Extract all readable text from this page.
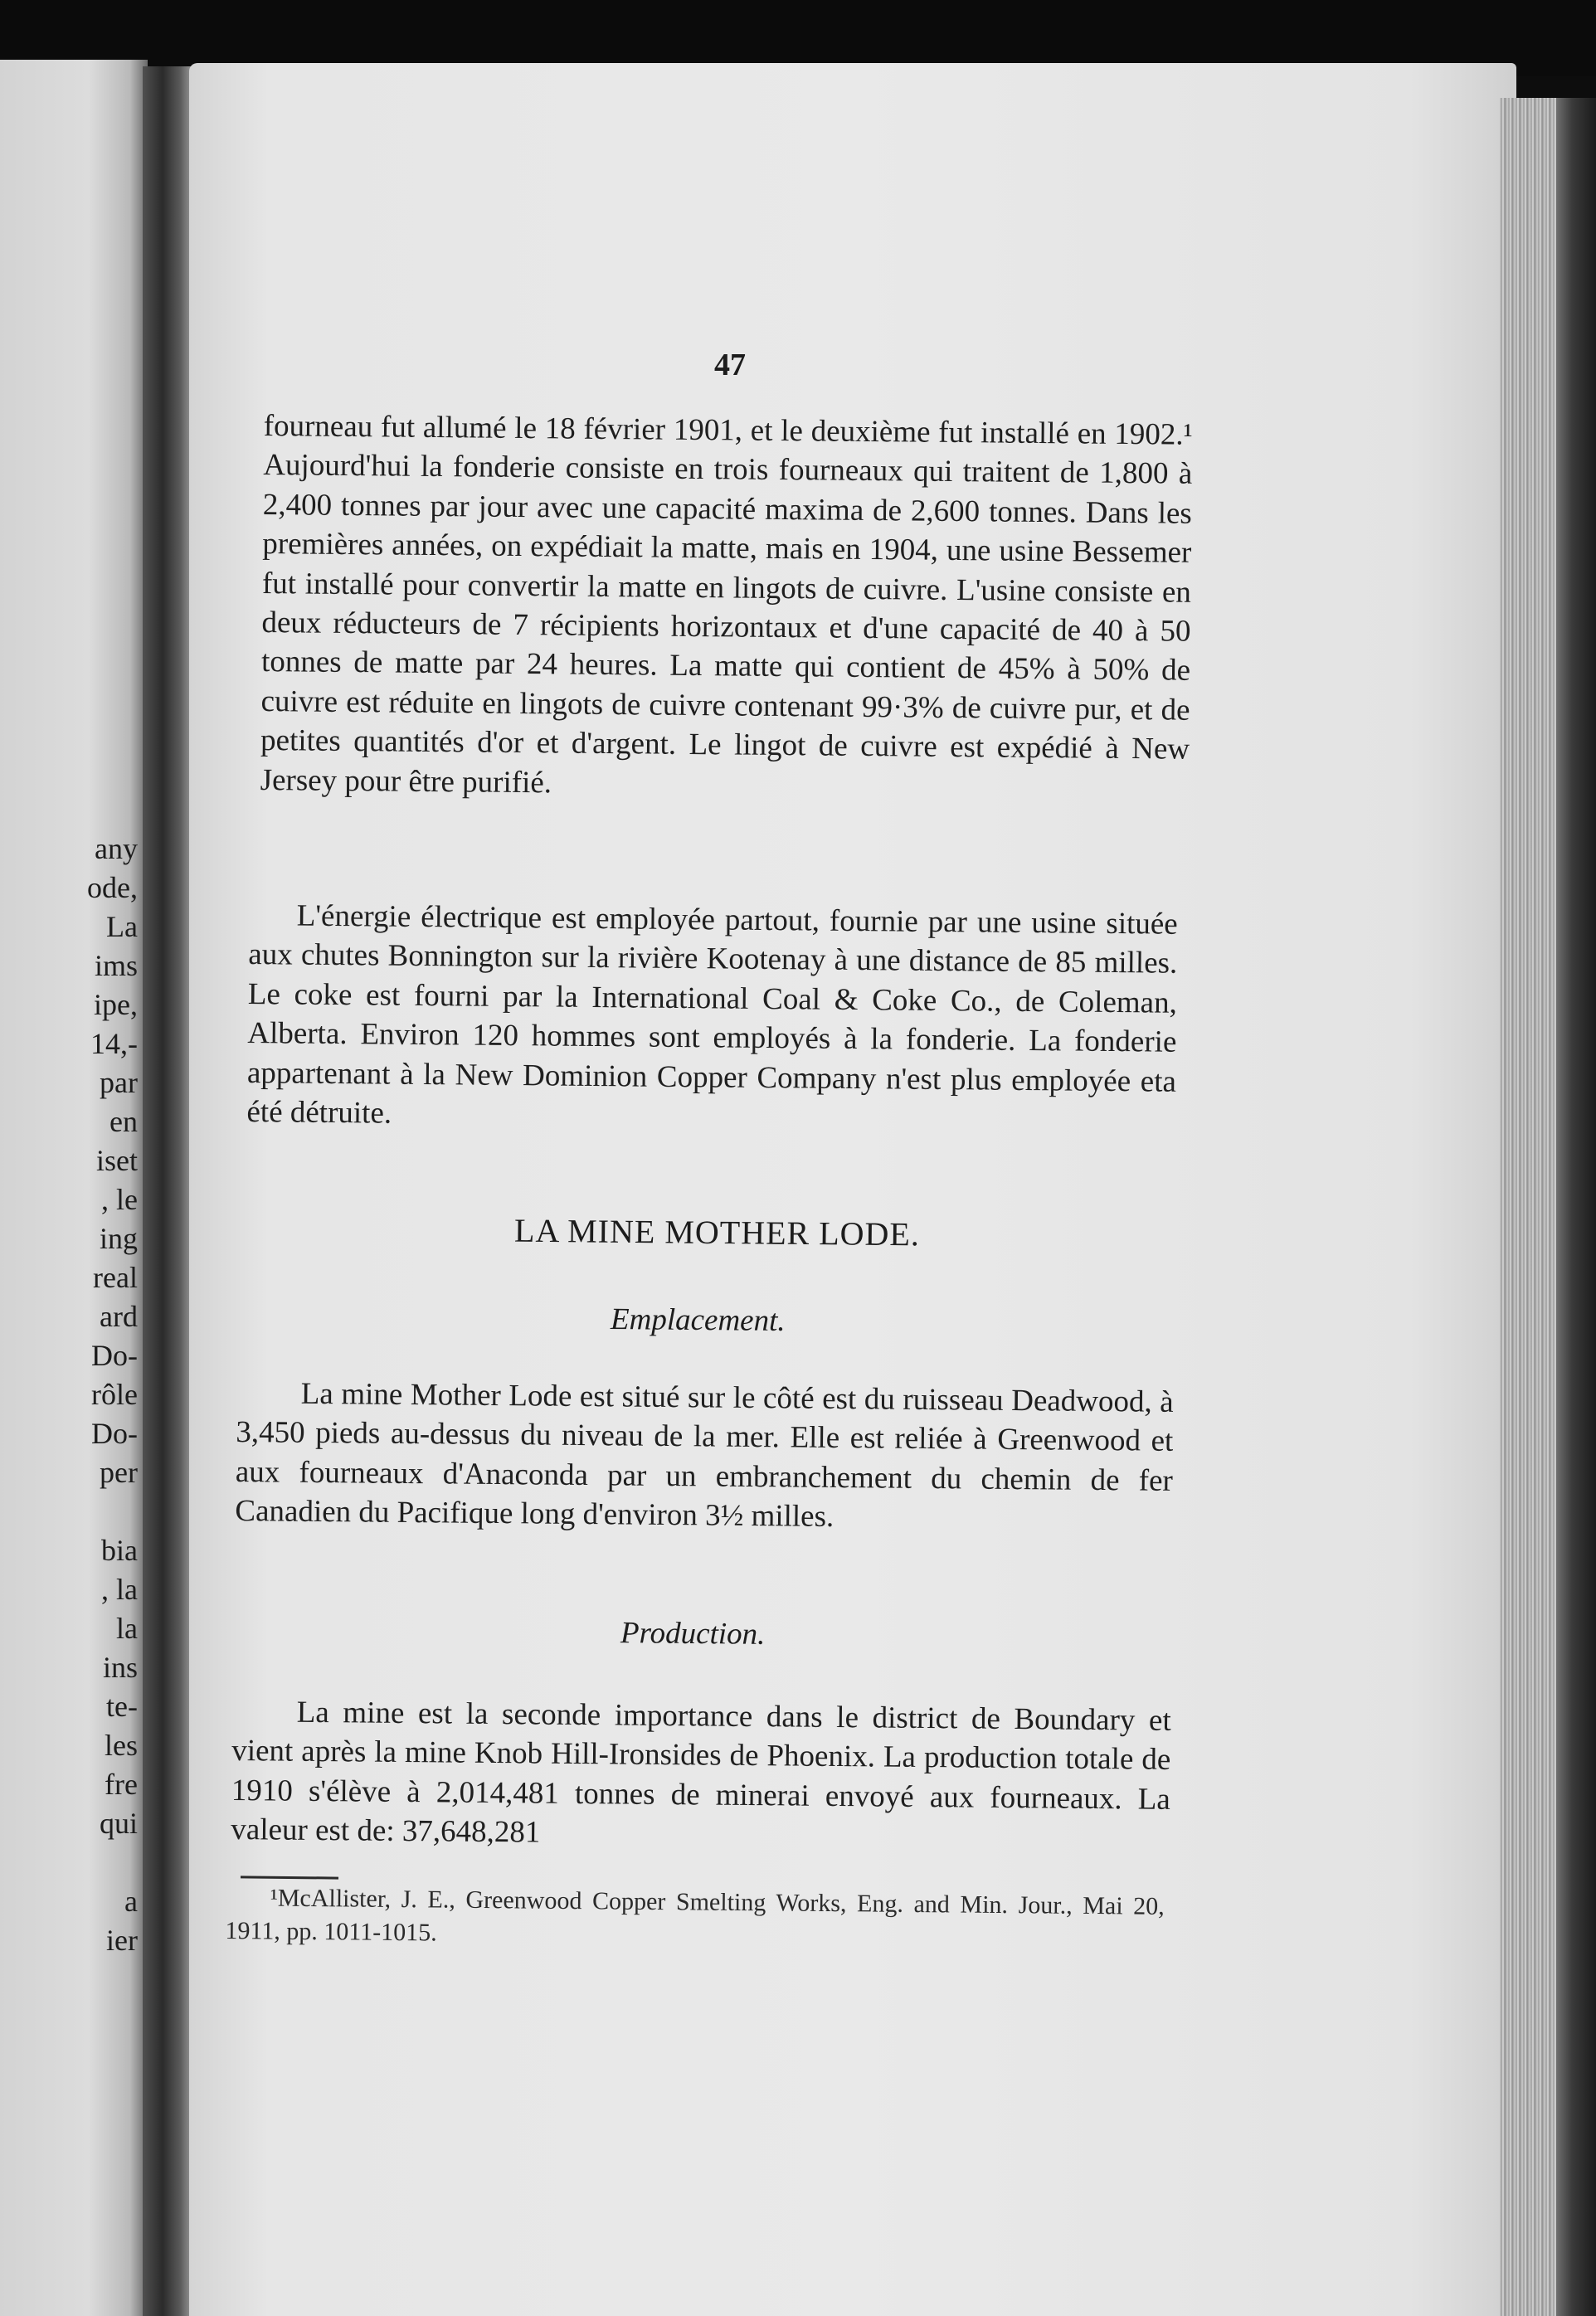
any
ode,
La
ims
ipe,
14,-
par
en
iset
, le
ing
real
ard
Do-
rôle
Do-
per
bia
, la
la
ins
te-
les
fre
qui
a
ier
47

fourneau fut allumé le 18 février 1901, et le deuxième fut installé en 1902.¹ Aujourd'hui la fonderie consiste en trois fourneaux qui traitent de 1,800 à 2,400 tonnes par jour avec une capacité maxima de 2,600 tonnes. Dans les premières années, on expédiait la matte, mais en 1904, une usine Bessemer fut installé pour convertir la matte en lingots de cuivre. L'usine consiste en deux réducteurs de 7 récipients horizontaux et d'une capacité de 40 à 50 tonnes de matte par 24 heures. La matte qui contient de 45% à 50% de cuivre est réduite en lingots de cuivre contenant 99·3% de cuivre pur, et de petites quantités d'or et d'argent. Le lingot de cuivre est expédié à New Jersey pour être purifié.

L'énergie électrique est employée partout, fournie par une usine située aux chutes Bonnington sur la rivière Kootenay à une distance de 85 milles. Le coke est fourni par la International Coal & Coke Co., de Coleman, Alberta. Environ 120 hommes sont employés à la fonderie. La fonderie appartenant à la New Dominion Copper Company n'est plus employée eta été détruite.

LA MINE MOTHER LODE.
Emplacement.

La mine Mother Lode est situé sur le côté est du ruisseau Deadwood, à 3,450 pieds au-dessus du niveau de la mer. Elle est reliée à Greenwood et aux fourneaux d'Anaconda par un embranchement du chemin de fer Canadien du Pacifique long d'environ 3½ milles.

Production.

La mine est la seconde importance dans le district de Boundary et vient après la mine Knob Hill-Ironsides de Phoenix. La production totale de 1910 s'élève à 2,014,481 tonnes de minerai envoyé aux fourneaux. La valeur est de: 37,648,281

¹McAllister, J. E., Greenwood Copper Smelting Works, Eng. and Min. Jour., Mai 20, 1911, pp. 1011-1015.
